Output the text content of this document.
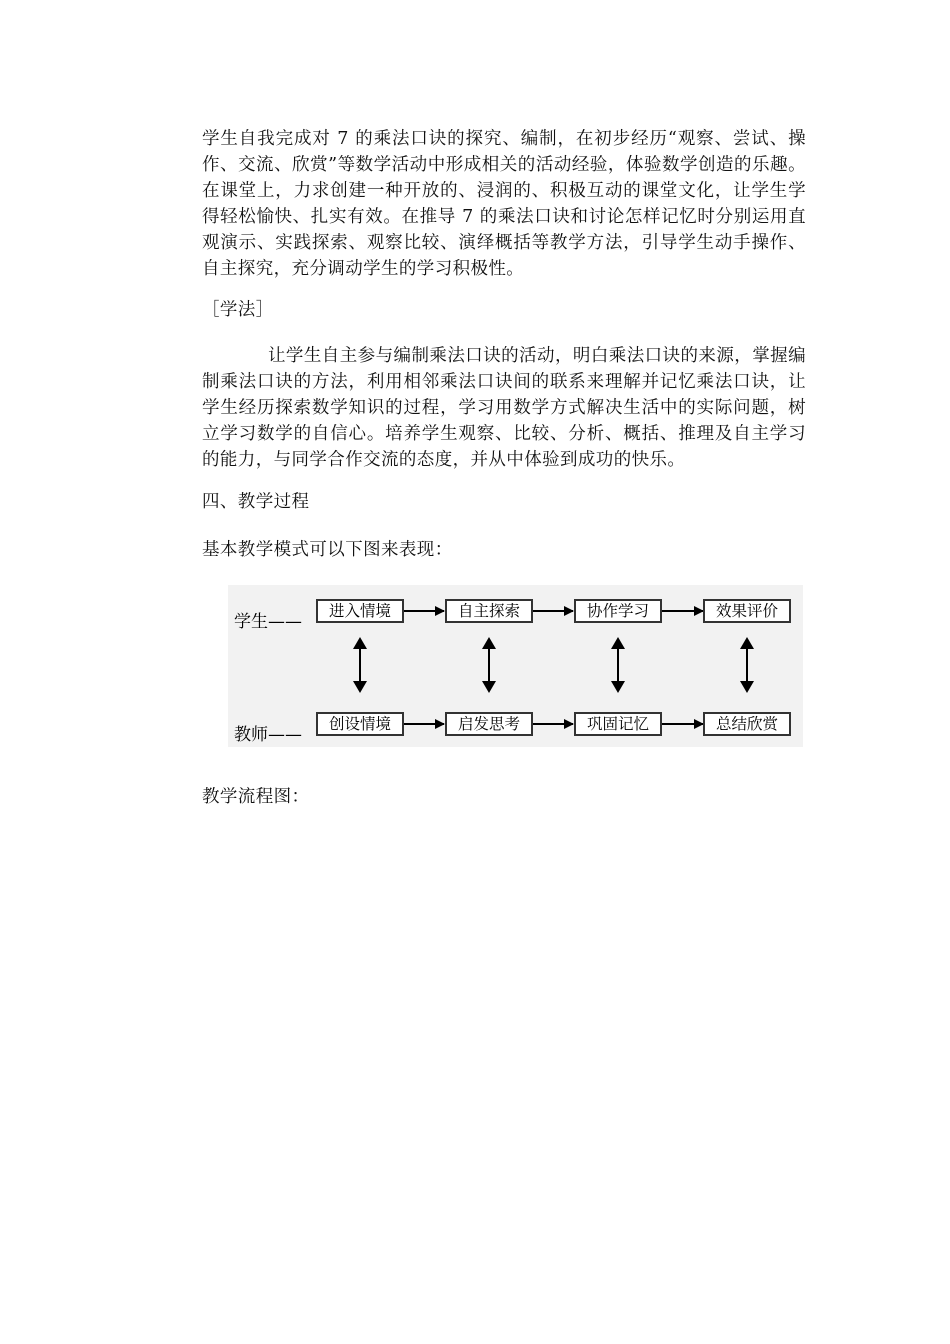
学生自我完成对 7 的乘法口诀的探究、编制，在初步经历“观察、尝试、操作、交流、欣赏”等数学活动中形成相关的活动经验，体验数学创造的乐趣。在课堂上，力求创建一种开放的、浸润的、积极互动的课堂文化，让学生学得轻松愉快、扎实有效。在推导 7 的乘法口诀和讨论怎样记忆时分别运用直观演示、实践探索、观察比较、演绎概括等教学方法，引导学生动手操作、自主探究，充分调动学生的学习积极性。

［学法］

让学生自主参与编制乘法口诀的活动，明白乘法口诀的来源，掌握编制乘法口诀的方法，利用相邻乘法口诀间的联系来理解并记忆乘法口诀，让学生经历探索数学知识的过程，学习用数学方式解决生活中的实际问题，树立学习数学的自信心。培养学生观察、比较、分析、概括、推理及自主学习的能力，与同学合作交流的态度，并从中体验到成功的快乐。

四、教学过程

基本教学模式可以下图来表现：

学生——
教师——
进入情境	自主探索	协作学习	效果评价
创设情境	启发思考	巩固记忆	总结欣赏

教学流程图：
